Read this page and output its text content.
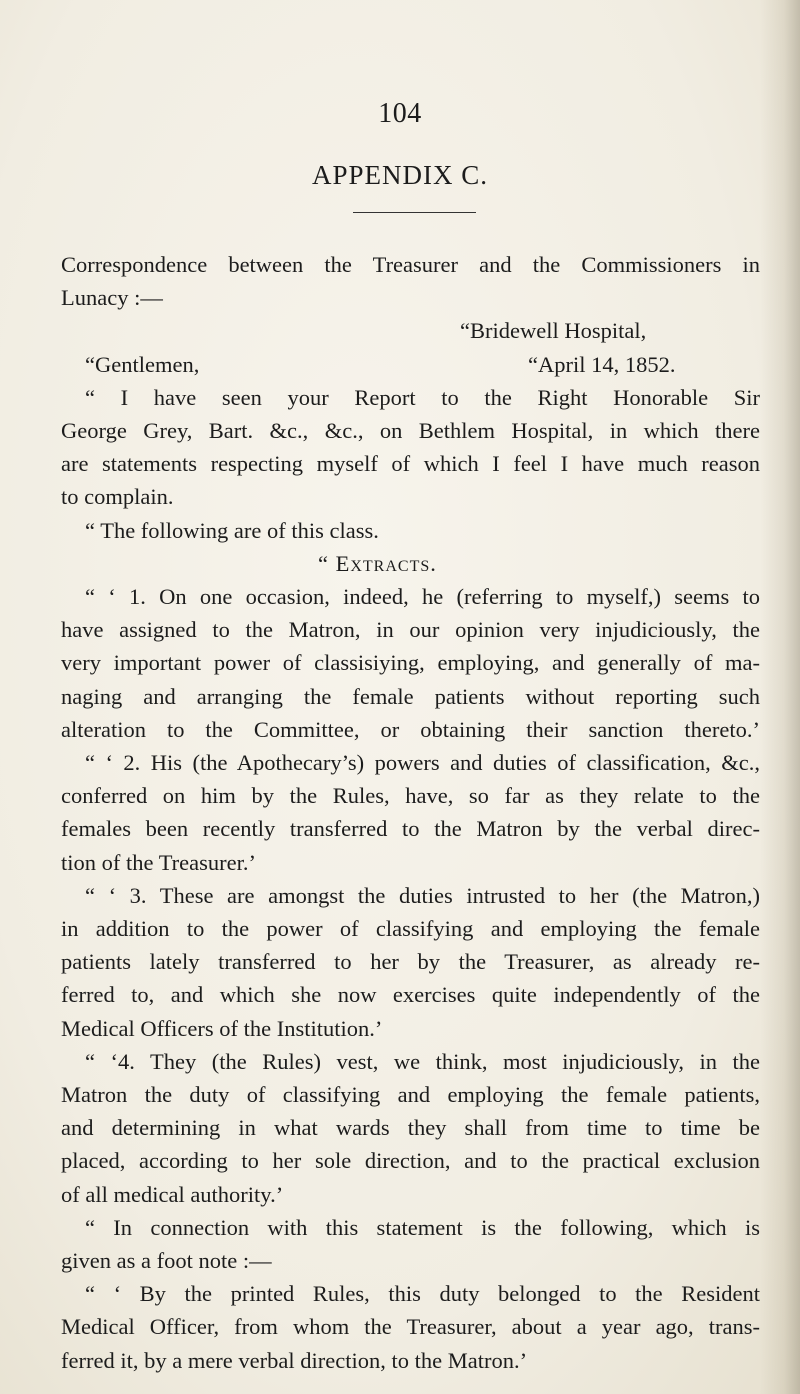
104
APPENDIX C.
Correspondence between the Treasurer and the Commissioners in
Lunacy :—
“Bridewell Hospital,
“Gentlemen,	“April 14, 1852.
“ I have seen your Report to the Right Honorable Sir
George Grey, Bart. &c., &c., on Bethlem Hospital, in which there
are statements respecting myself of which I feel I have much reason
to complain.
“ The following are of this class.
“ Extracts.
“ ‘ 1. On one occasion, indeed, he (referring to myself,) seems to
have assigned to the Matron, in our opinion very injudiciously, the
very important power of classisiying, employing, and generally of ma-
naging and arranging the female patients without reporting such
alteration to the Committee, or obtaining their sanction thereto.’
“ ‘ 2. His (the Apothecary’s) powers and duties of classification, &c.,
conferred on him by the Rules, have, so far as they relate to the
females been recently transferred to the Matron by the verbal direc-
tion of the Treasurer.’
“ ‘ 3. These are amongst the duties intrusted to her (the Matron,)
in addition to the power of classifying and employing the female
patients lately transferred to her by the Treasurer, as already re-
ferred to, and which she now exercises quite independently of the
Medical Officers of the Institution.’
“ ‘4. They (the Rules) vest, we think, most injudiciously, in the
Matron the duty of classifying and employing the female patients,
and determining in what wards they shall from time to time be
placed, according to her sole direction, and to the practical exclusion
of all medical authority.’
“ In connection with this statement is the following, which is
given as a foot note :—
“ ‘ By the printed Rules, this duty belonged to the Resident
Medical Officer, from whom the Treasurer, about a year ago, trans-
ferred it, by a mere verbal direction, to the Matron.’
